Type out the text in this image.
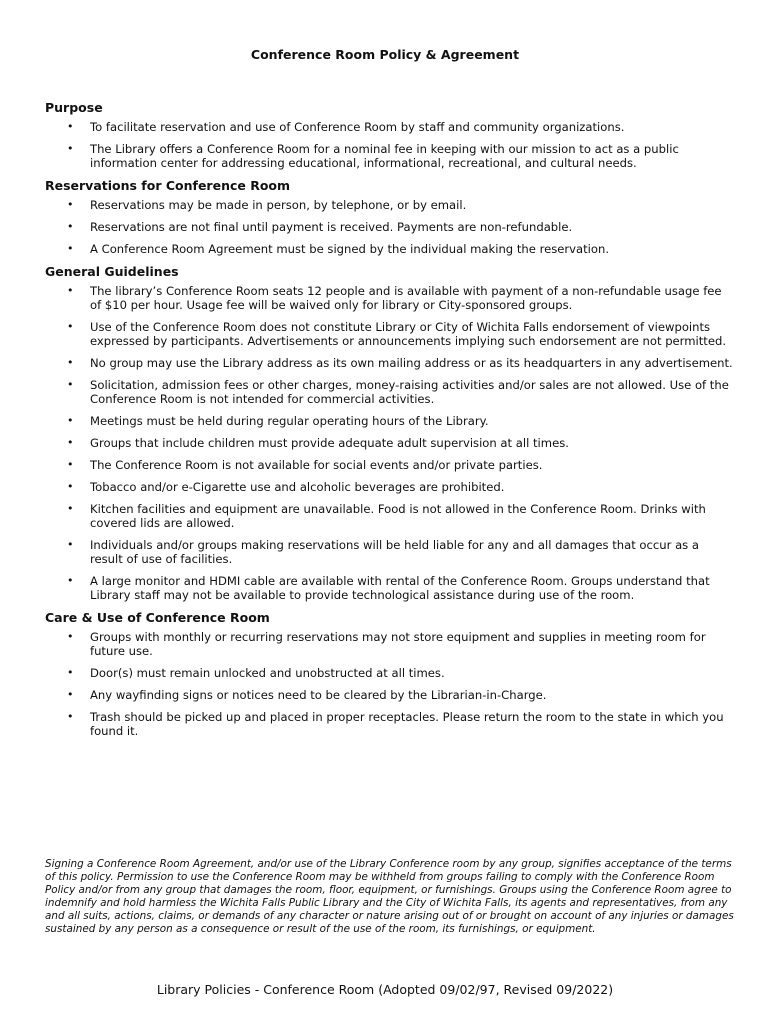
Conference Room Policy & Agreement
Purpose
• To facilitate reservation and use of Conference Room by staff and community organizations.
• The Library offers a Conference Room for a nominal fee in keeping with our mission to act as a public information center for addressing educational, informational, recreational, and cultural needs.
Reservations for Conference Room
• Reservations may be made in person, by telephone, or by email.
• Reservations are not final until payment is received. Payments are non-refundable.
• A Conference Room Agreement must be signed by the individual making the reservation.
General Guidelines
• The library’s Conference Room seats 12 people and is available with payment of a non-refundable usage fee of $10 per hour. Usage fee will be waived only for library or City-sponsored groups.
• Use of the Conference Room does not constitute Library or City of Wichita Falls endorsement of viewpoints expressed by participants. Advertisements or announcements implying such endorsement are not permitted.
• No group may use the Library address as its own mailing address or as its headquarters in any advertisement.
• Solicitation, admission fees or other charges, money-raising activities and/or sales are not allowed. Use of the Conference Room is not intended for commercial activities.
• Meetings must be held during regular operating hours of the Library.
• Groups that include children must provide adequate adult supervision at all times.
• The Conference Room is not available for social events and/or private parties.
• Tobacco and/or e-Cigarette use and alcoholic beverages are prohibited.
• Kitchen facilities and equipment are unavailable. Food is not allowed in the Conference Room. Drinks with covered lids are allowed.
• Individuals and/or groups making reservations will be held liable for any and all damages that occur as a result of use of facilities.
• A large monitor and HDMI cable are available with rental of the Conference Room. Groups understand that Library staff may not be available to provide technological assistance during use of the room.
Care & Use of Conference Room
• Groups with monthly or recurring reservations may not store equipment and supplies in meeting room for future use.
• Door(s) must remain unlocked and unobstructed at all times.
• Any wayfinding signs or notices need to be cleared by the Librarian-in-Charge.
• Trash should be picked up and placed in proper receptacles. Please return the room to the state in which you found it.
Signing a Conference Room Agreement, and/or use of the Library Conference room by any group, signifies acceptance of the terms of this policy. Permission to use the Conference Room may be withheld from groups failing to comply with the Conference Room Policy and/or from any group that damages the room, floor, equipment, or furnishings. Groups using the Conference Room agree to indemnify and hold harmless the Wichita Falls Public Library and the City of Wichita Falls, its agents and representatives, from any and all suits, actions, claims, or demands of any character or nature arising out of or brought on account of any injuries or damages sustained by any person as a consequence or result of the use of the room, its furnishings, or equipment.
Library Policies - Conference Room (Adopted 09/02/97, Revised 09/2022)
